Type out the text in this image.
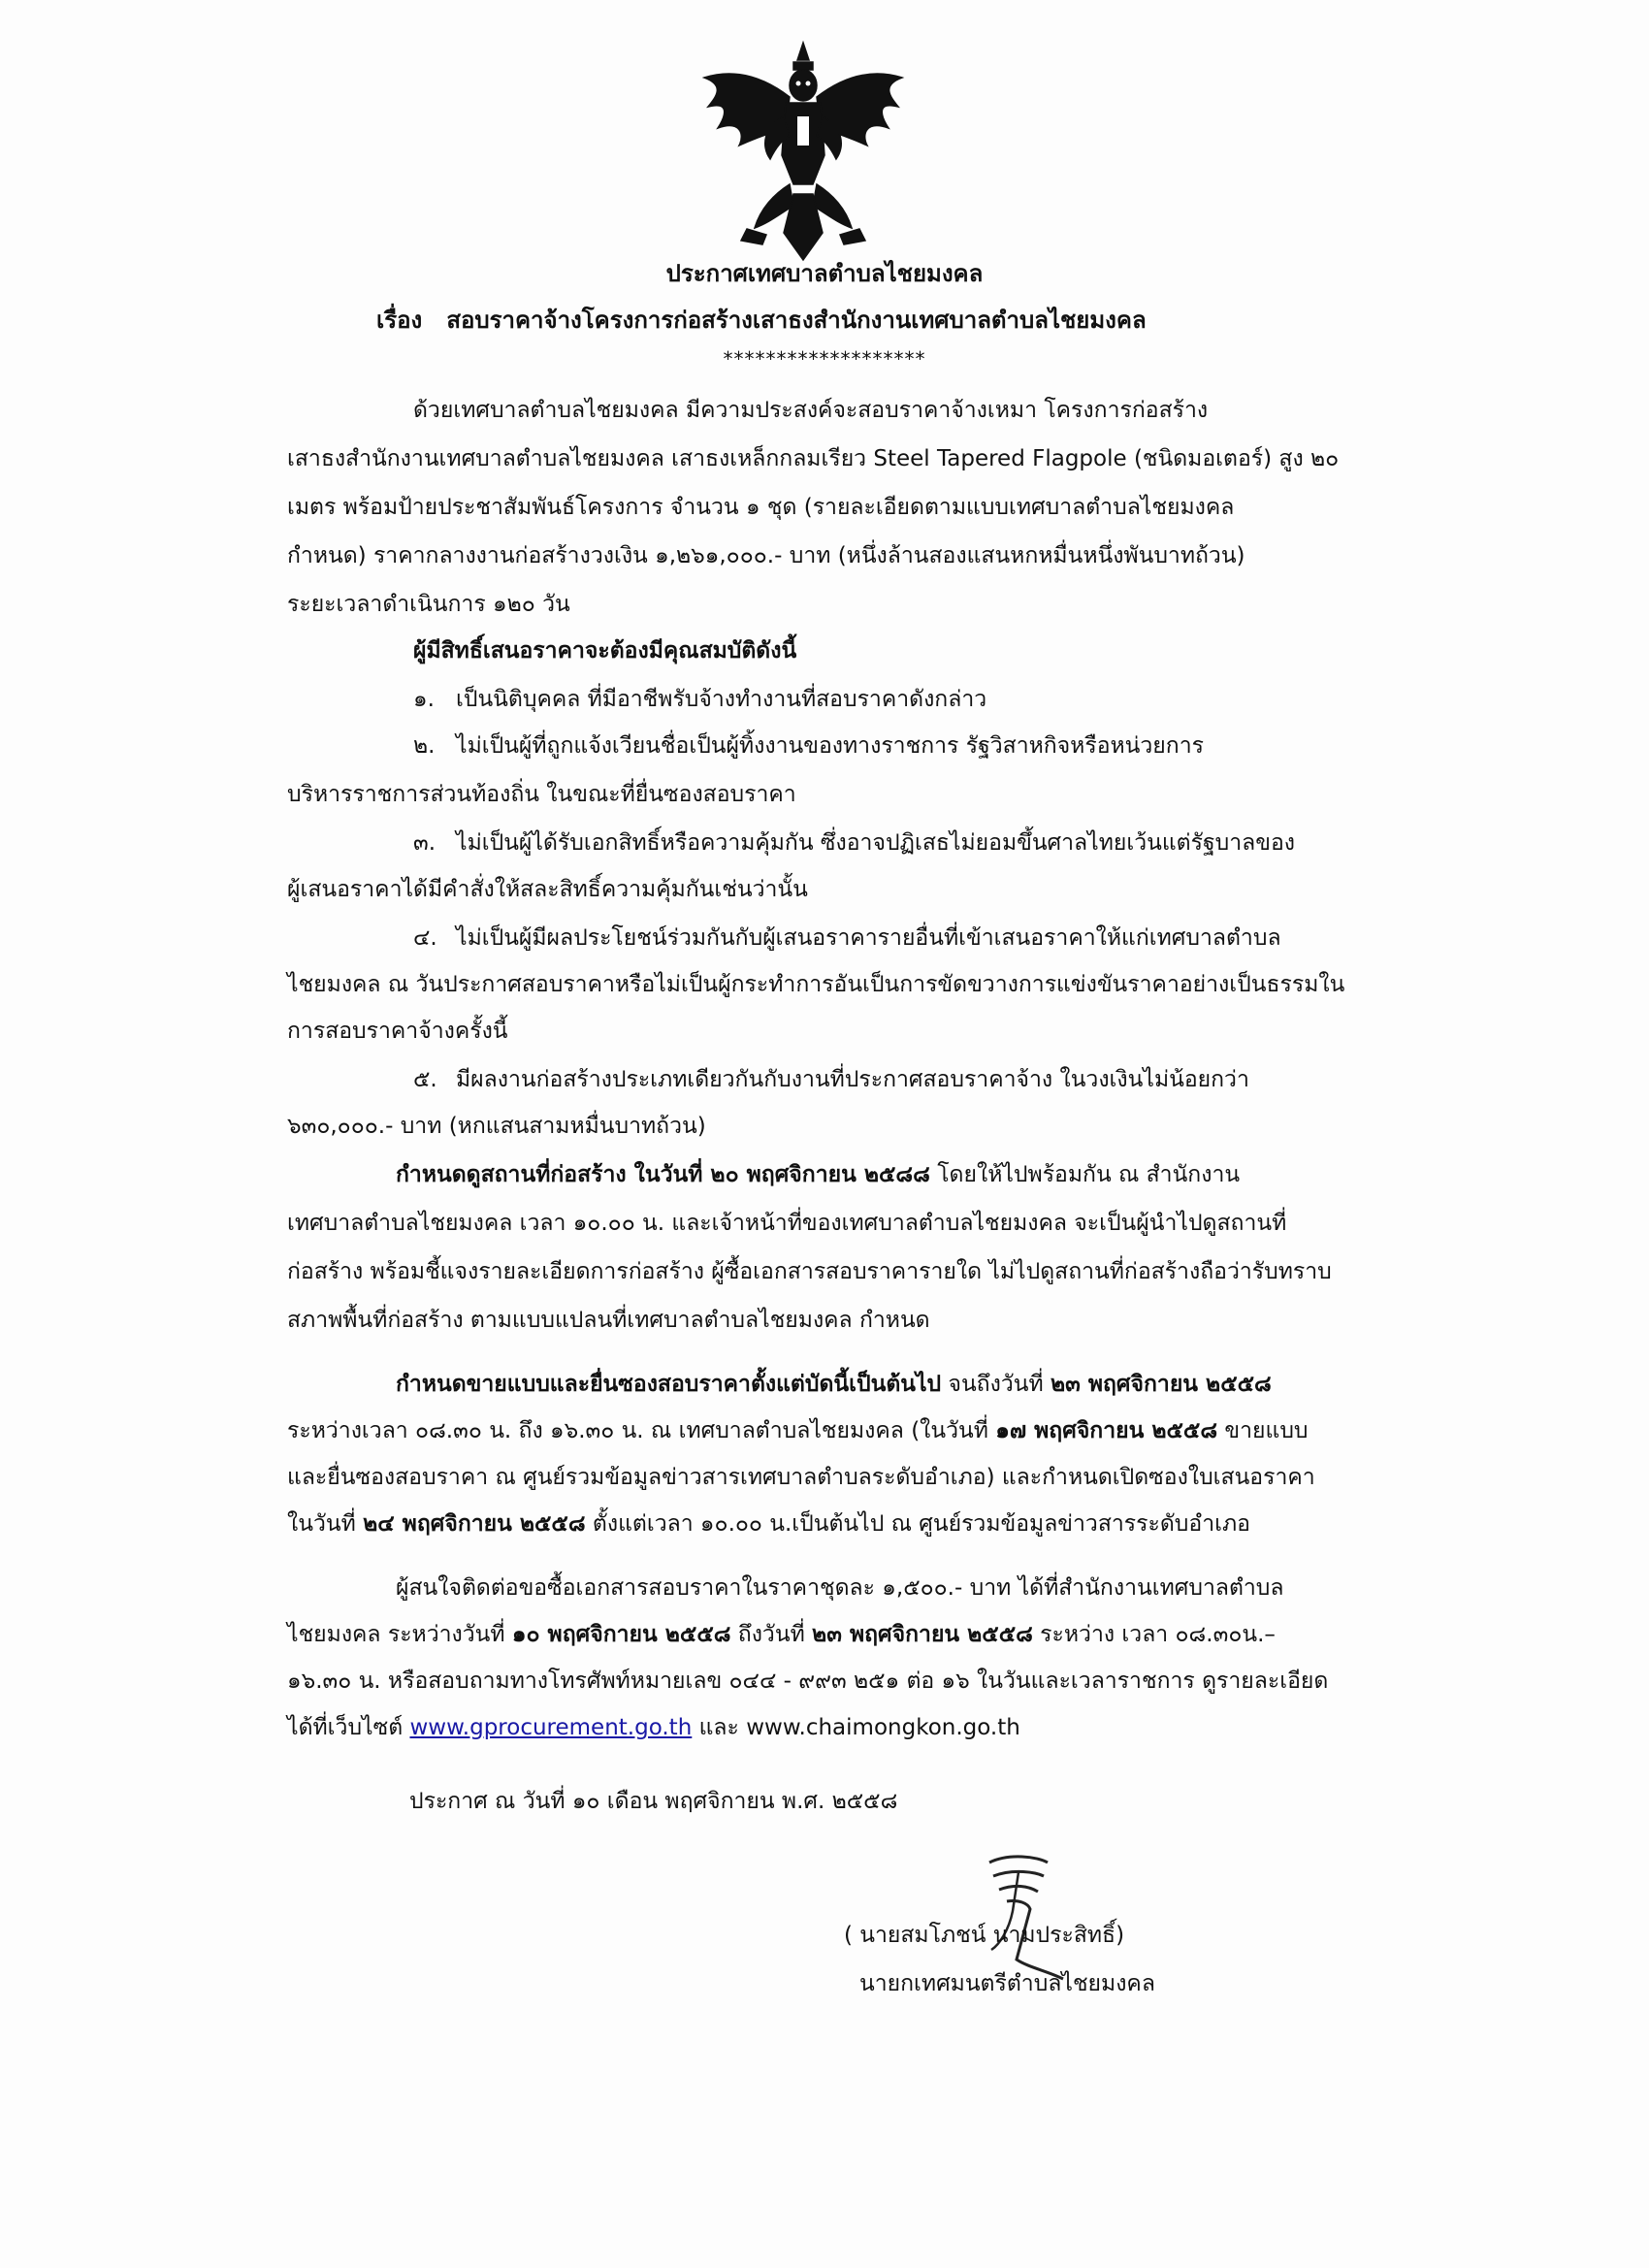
ประกาศเทศบาลตำบลไชยมงคล
เรื่อง สอบราคาจ้างโครงการก่อสร้างเสาธงสำนักงานเทศบาลตำบลไชยมงคล
*******************
ด้วยเทศบาลตำบลไชยมงคล มีความประสงค์จะสอบราคาจ้างเหมา โครงการก่อสร้าง
เสาธงสำนักงานเทศบาลตำบลไชยมงคล เสาธงเหล็กกลมเรียว Steel Tapered Flagpole (ชนิดมอเตอร์) สูง ๒๐
เมตร พร้อมป้ายประชาสัมพันธ์โครงการ จำนวน ๑ ชุด (รายละเอียดตามแบบเทศบาลตำบลไชยมงคล
กำหนด) ราคากลางงานก่อสร้างวงเงิน ๑,๒๖๑,๐๐๐.- บาท (หนึ่งล้านสองแสนหกหมื่นหนึ่งพันบาทถ้วน)
ระยะเวลาดำเนินการ ๑๒๐ วัน
ผู้มีสิทธิ์เสนอราคาจะต้องมีคุณสมบัติดังนี้
๑. เป็นนิติบุคคล ที่มีอาชีพรับจ้างทำงานที่สอบราคาดังกล่าว
๒. ไม่เป็นผู้ที่ถูกแจ้งเวียนชื่อเป็นผู้ทิ้งงานของทางราชการ รัฐวิสาหกิจหรือหน่วยการ
บริหารราชการส่วนท้องถิ่น ในขณะที่ยื่นซองสอบราคา
๓. ไม่เป็นผู้ได้รับเอกสิทธิ์หรือความคุ้มกัน ซึ่งอาจปฏิเสธไม่ยอมขึ้นศาลไทยเว้นแต่รัฐบาลของ
ผู้เสนอราคาได้มีคำสั่งให้สละสิทธิ์ความคุ้มกันเช่นว่านั้น
๔. ไม่เป็นผู้มีผลประโยชน์ร่วมกันกับผู้เสนอราคารายอื่นที่เข้าเสนอราคาให้แก่เทศบาลตำบล
ไชยมงคล ณ วันประกาศสอบราคาหรือไม่เป็นผู้กระทำการอันเป็นการขัดขวางการแข่งขันราคาอย่างเป็นธรรมใน
การสอบราคาจ้างครั้งนี้
๕. มีผลงานก่อสร้างประเภทเดียวกันกับงานที่ประกาศสอบราคาจ้าง ในวงเงินไม่น้อยกว่า
๖๓๐,๐๐๐.- บาท (หกแสนสามหมื่นบาทถ้วน)
กำหนดดูสถานที่ก่อสร้าง ในวันที่ ๒๐ พฤศจิกายน ๒๕๘๘ โดยให้ไปพร้อมกัน ณ สำนักงาน
เทศบาลตำบลไชยมงคล เวลา ๑๐.๐๐ น. และเจ้าหน้าที่ของเทศบาลตำบลไชยมงคล จะเป็นผู้นำไปดูสถานที่
ก่อสร้าง พร้อมชี้แจงรายละเอียดการก่อสร้าง ผู้ซื้อเอกสารสอบราคารายใด ไม่ไปดูสถานที่ก่อสร้างถือว่ารับทราบ
สภาพพื้นที่ก่อสร้าง ตามแบบแปลนที่เทศบาลตำบลไชยมงคล กำหนด
กำหนดขายแบบและยื่นซองสอบราคาตั้งแต่บัดนี้เป็นต้นไป จนถึงวันที่ ๒๓ พฤศจิกายน ๒๕๕๘
ระหว่างเวลา ๐๘.๓๐ น. ถึง ๑๖.๓๐ น. ณ เทศบาลตำบลไชยมงคล (ในวันที่ ๑๗ พฤศจิกายน ๒๕๕๘ ขายแบบ
และยื่นซองสอบราคา ณ ศูนย์รวมข้อมูลข่าวสารเทศบาลตำบลระดับอำเภอ) และกำหนดเปิดซองใบเสนอราคา
ในวันที่ ๒๔ พฤศจิกายน ๒๕๕๘ ตั้งแต่เวลา ๑๐.๐๐ น.เป็นต้นไป ณ ศูนย์รวมข้อมูลข่าวสารระดับอำเภอ
ผู้สนใจติดต่อขอซื้อเอกสารสอบราคาในราคาชุดละ ๑,๕๐๐.- บาท ได้ที่สำนักงานเทศบาลตำบล
ไชยมงคล ระหว่างวันที่ ๑๐ พฤศจิกายน ๒๕๕๘ ถึงวันที่ ๒๓ พฤศจิกายน ๒๕๕๘ ระหว่าง เวลา ๐๘.๓๐น.–
๑๖.๓๐ น. หรือสอบถามทางโทรศัพท์หมายเลข ๐๔๔ - ๙๙๓ ๒๕๑ ต่อ ๑๖ ในวันและเวลาราชการ ดูรายละเอียด
ได้ที่เว็บไซต์ www.gprocurement.go.th และ www.chaimongkon.go.th
ประกาศ ณ วันที่ ๑๐ เดือน พฤศจิกายน พ.ศ. ๒๕๕๘
( นายสมโภชน์ นามประสิทธิ์)
นายกเทศมนตรีตำบลไชยมงคล
